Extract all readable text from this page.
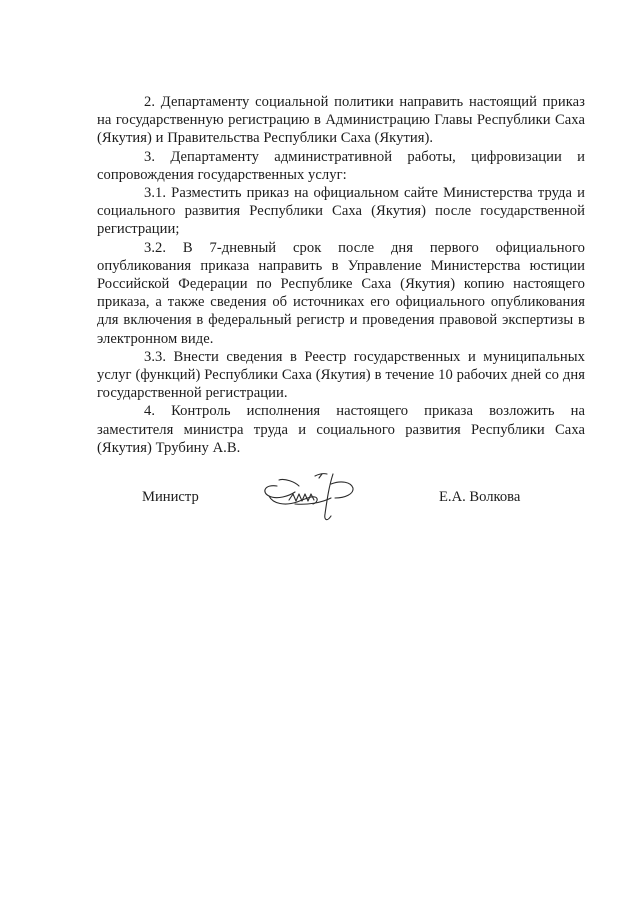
2. Департаменту социальной политики направить настоящий приказ на государственную регистрацию в Администрацию Главы Республики Саха (Якутия) и Правительства Республики Саха (Якутия).

3. Департаменту административной работы, цифровизации и сопровождения государственных услуг:

3.1. Разместить приказ на официальном сайте Министерства труда и социального развития Республики Саха (Якутия) после государственной регистрации;

3.2. В 7-дневный срок после дня первого официального опубликования приказа направить в Управление Министерства юстиции Российской Федерации по Республике Саха (Якутия) копию настоящего приказа, а также сведения об источниках его официального опубликования для включения в федеральный регистр и проведения правовой экспертизы в электронном виде.

3.3. Внести сведения в Реестр государственных и муниципальных услуг (функций) Республики Саха (Якутия) в течение 10 рабочих дней со дня государственной регистрации.

4. Контроль исполнения настоящего приказа возложить на заместителя министра труда и социального развития Республики Саха (Якутия) Трубину А.В.

Министр	Е.А. Волкова
